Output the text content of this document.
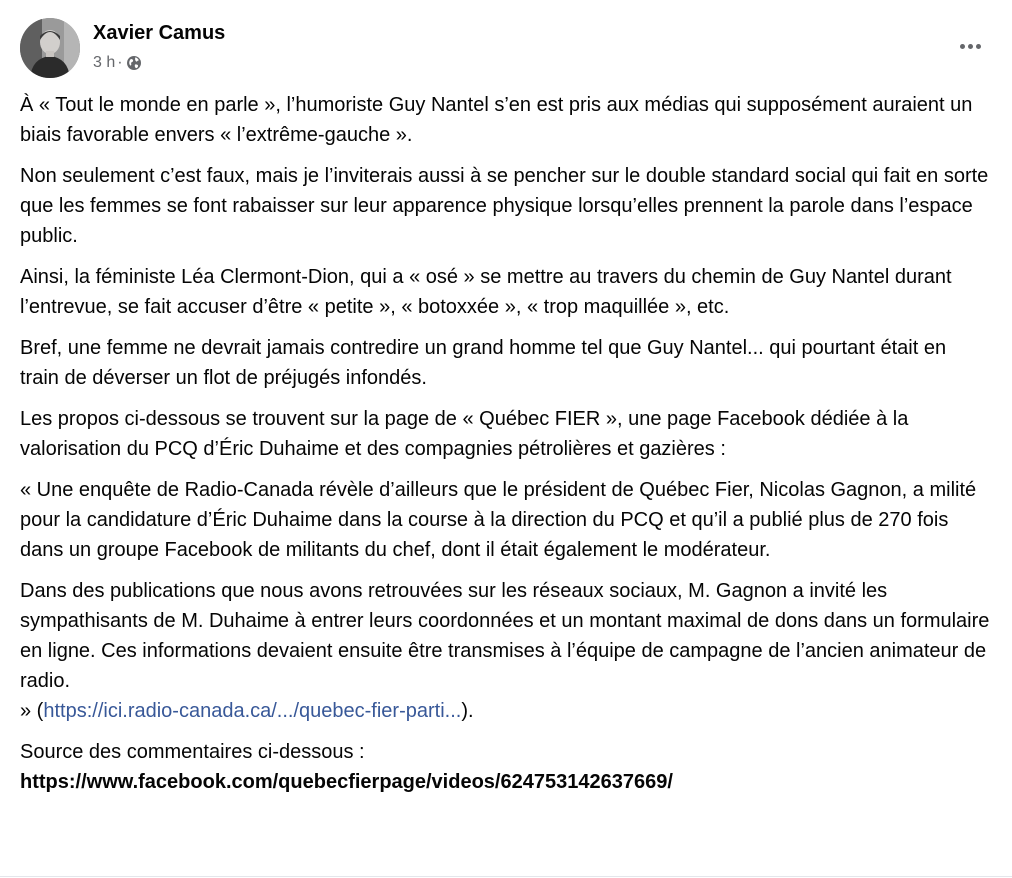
Xavier Camus
3 h ·

À « Tout le monde en parle », l’humoriste Guy Nantel s’en est pris aux médias qui supposément auraient un biais favorable envers « l’extrême-gauche ».

Non seulement c’est faux, mais je l’inviterais aussi à se pencher sur le double standard social qui fait en sorte que les femmes se font rabaisser sur leur apparence physique lorsqu’elles prennent la parole dans l’espace public.

Ainsi, la féministe Léa Clermont-Dion, qui a « osé » se mettre au travers du chemin de Guy Nantel durant l’entrevue, se fait accuser d’être « petite », « botoxxée », « trop maquillée », etc.

Bref, une femme ne devrait jamais contredire un grand homme tel que Guy Nantel... qui pourtant était en train de déverser un flot de préjugés infondés.

Les propos ci-dessous se trouvent sur la page de « Québec FIER », une page Facebook dédiée à la valorisation du PCQ d’Éric Duhaime et des compagnies pétrolières et gazières :

« Une enquête de Radio-Canada révèle d’ailleurs que le président de Québec Fier, Nicolas Gagnon, a milité pour la candidature d’Éric Duhaime dans la course à la direction du PCQ et qu’il a publié plus de 270 fois dans un groupe Facebook de militants du chef, dont il était également le modérateur.

Dans des publications que nous avons retrouvées sur les réseaux sociaux, M. Gagnon a invité les sympathisants de M. Duhaime à entrer leurs coordonnées et un montant maximal de dons dans un formulaire en ligne. Ces informations devaient ensuite être transmises à l’équipe de campagne de l’ancien animateur de radio.
» (https://ici.radio-canada.ca/.../quebec-fier-parti...).

Source des commentaires ci-dessous :
https://www.facebook.com/quebecfierpage/videos/624753142637669/
